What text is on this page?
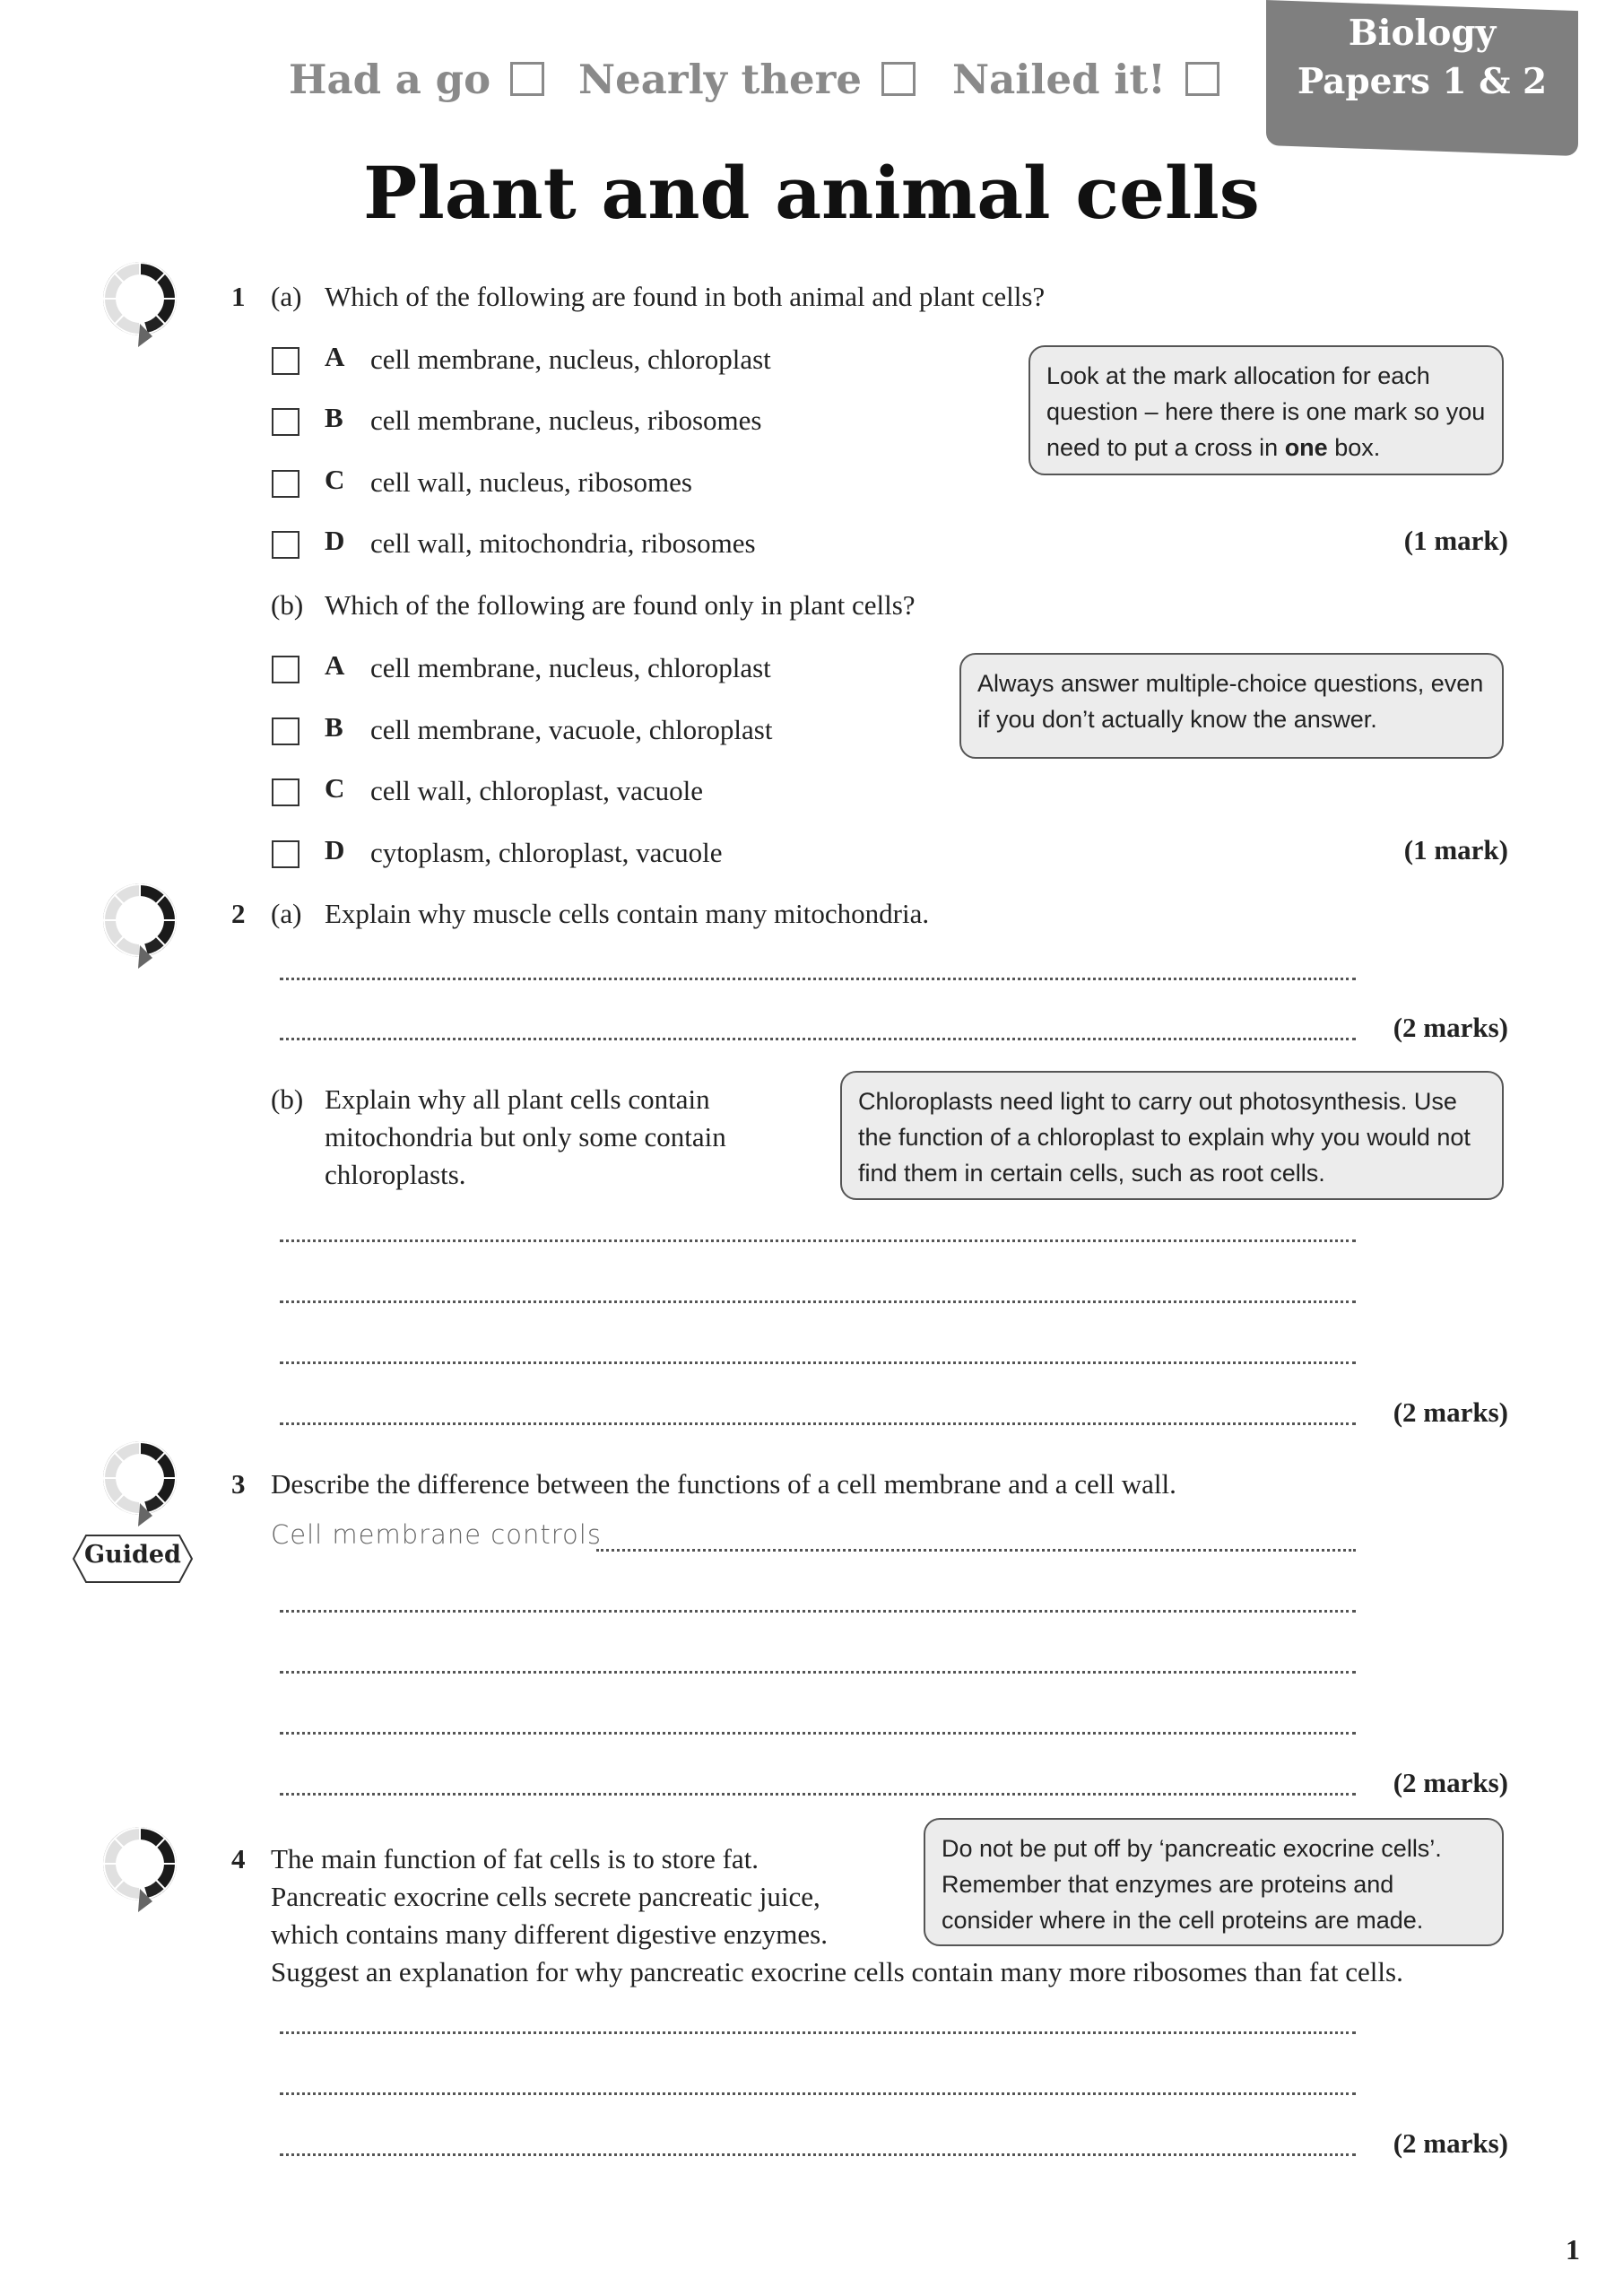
Had a go Nearly there Nailed it!
Biology
Papers 1 & 2
Plant and animal cells
1 (a) Which of the following are found in both animal and plant cells?
A cell membrane, nucleus, chloroplast
B cell membrane, nucleus, ribosomes
C cell wall, nucleus, ribosomes
D cell wall, mitochondria, ribosomes
Look at the mark allocation for each question – here there is one mark so you need to put a cross in one box.
(1 mark)
(b) Which of the following are found only in plant cells?
A cell membrane, nucleus, chloroplast
B cell membrane, vacuole, chloroplast
C cell wall, chloroplast, vacuole
D cytoplasm, chloroplast, vacuole
Always answer multiple-choice questions, even if you don’t actually know the answer.
(1 mark)
2 (a) Explain why muscle cells contain many mitochondria.
(2 marks)
(b) Explain why all plant cells contain
mitochondria but only some contain
chloroplasts.
Chloroplasts need light to carry out photosynthesis. Use the function of a chloroplast to explain why you would not find them in certain cells, such as root cells.
(2 marks)
3 Describe the difference between the functions of a cell membrane and a cell wall.
Guided
Cell membrane controls
(2 marks)
4 The main function of fat cells is to store fat.
Pancreatic exocrine cells secrete pancreatic juice,
which contains many different digestive enzymes.
Suggest an explanation for why pancreatic exocrine cells contain many more ribosomes than fat cells.
Do not be put off by ‘pancreatic exocrine cells’. Remember that enzymes are proteins and consider where in the cell proteins are made.
(2 marks)
1
